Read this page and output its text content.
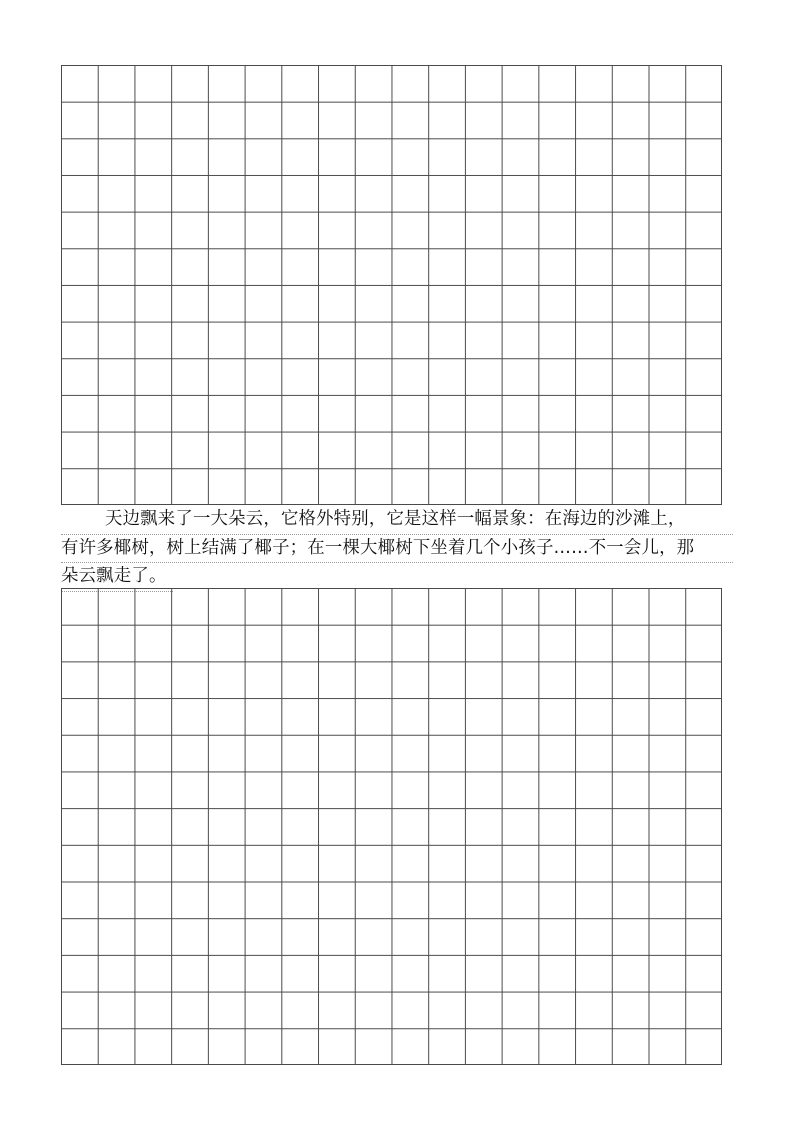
天边飘来了一大朵云，它格外特别，它是这样一幅景象：在海边的沙滩上，
有许多椰树，树上结满了椰子；在一棵大椰树下坐着几个小孩子……不一会儿，那
朵云飘走了。
